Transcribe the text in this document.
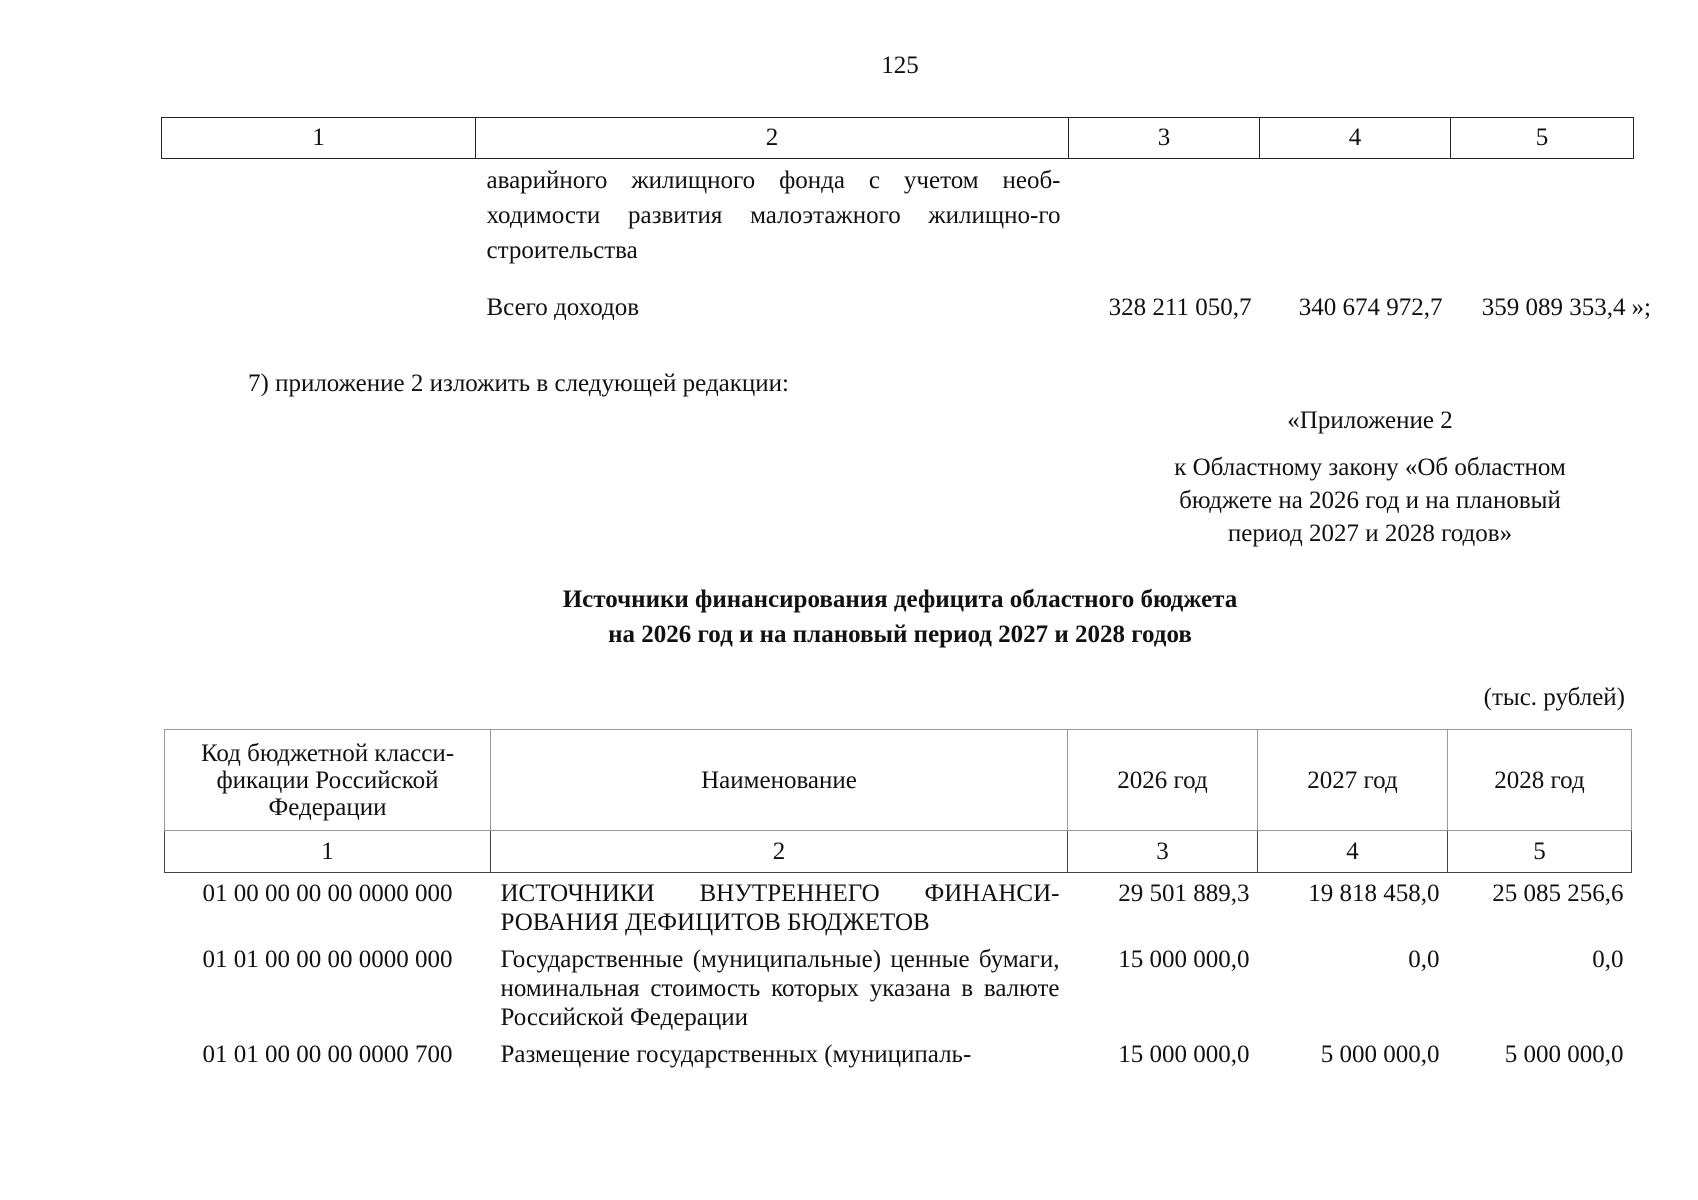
125
1	2	3	4	5
	аварийного жилищного фонда с учетом необ-ходимости развития малоэтажного жилищно-го строительства			
	Всего доходов	328 211 050,7	340 674 972,7	359 089 353,4 »;
7) приложение 2 изложить в следующей редакции:
«Приложение 2
к Областному закону «Об областном
бюджете на 2026 год и на плановый
период 2027 и 2028 годов»
Источники финансирования дефицита областного бюджета
на 2026 год и на плановый период 2027 и 2028 годов
(тыс. рублей)
Код бюджетной класси-фикации Российской Федерации	Наименование	2026 год	2027 год	2028 год
1	2	3	4	5
01 00 00 00 00 0000 000	ИСТОЧНИКИ ВНУТРЕННЕГО ФИНАНСИ-РОВАНИЯ ДЕФИЦИТОВ БЮДЖЕТОВ	29 501 889,3	19 818 458,0	25 085 256,6
01 01 00 00 00 0000 000	Государственные (муниципальные) ценные бумаги, номинальная стоимость которых указана в валюте Российской Федерации	15 000 000,0	0,0	0,0
01 01 00 00 00 0000 700	Размещение государственных (муниципаль-	15 000 000,0	5 000 000,0	5 000 000,0
